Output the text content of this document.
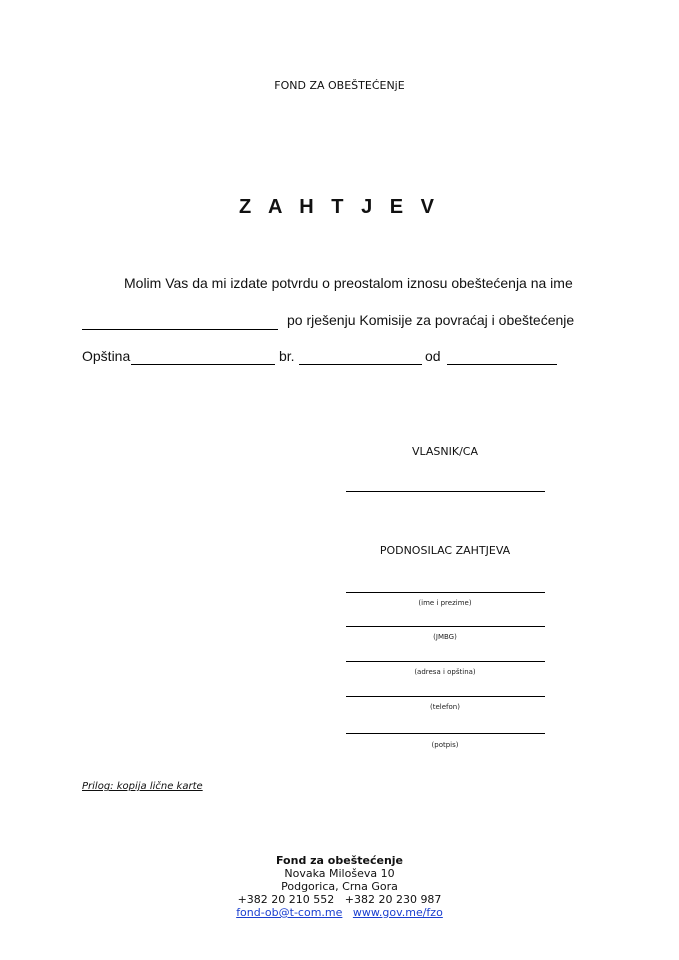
FOND ZA OBEŠTEĆENjE
Z A H T J E V
Molim Vas da mi izdate potvrdu o preostalom iznosu obeštećenja na ime
po rješenju Komisije za povraćaj i obeštećenje
Opština	br.	od
VLASNIK/CA
PODNOSILAC ZAHTJEVA
(ime i prezime)
(JMBG)
(adresa i opština)
(telefon)
(potpis)
Prilog: kopija lične karte
Fond za obeštećenje
Novaka Miloševa 10
Podgorica, Crna Gora
+382 20 210 552   +382 20 230 987
fond-ob@t-com.me www.gov.me/fzo
